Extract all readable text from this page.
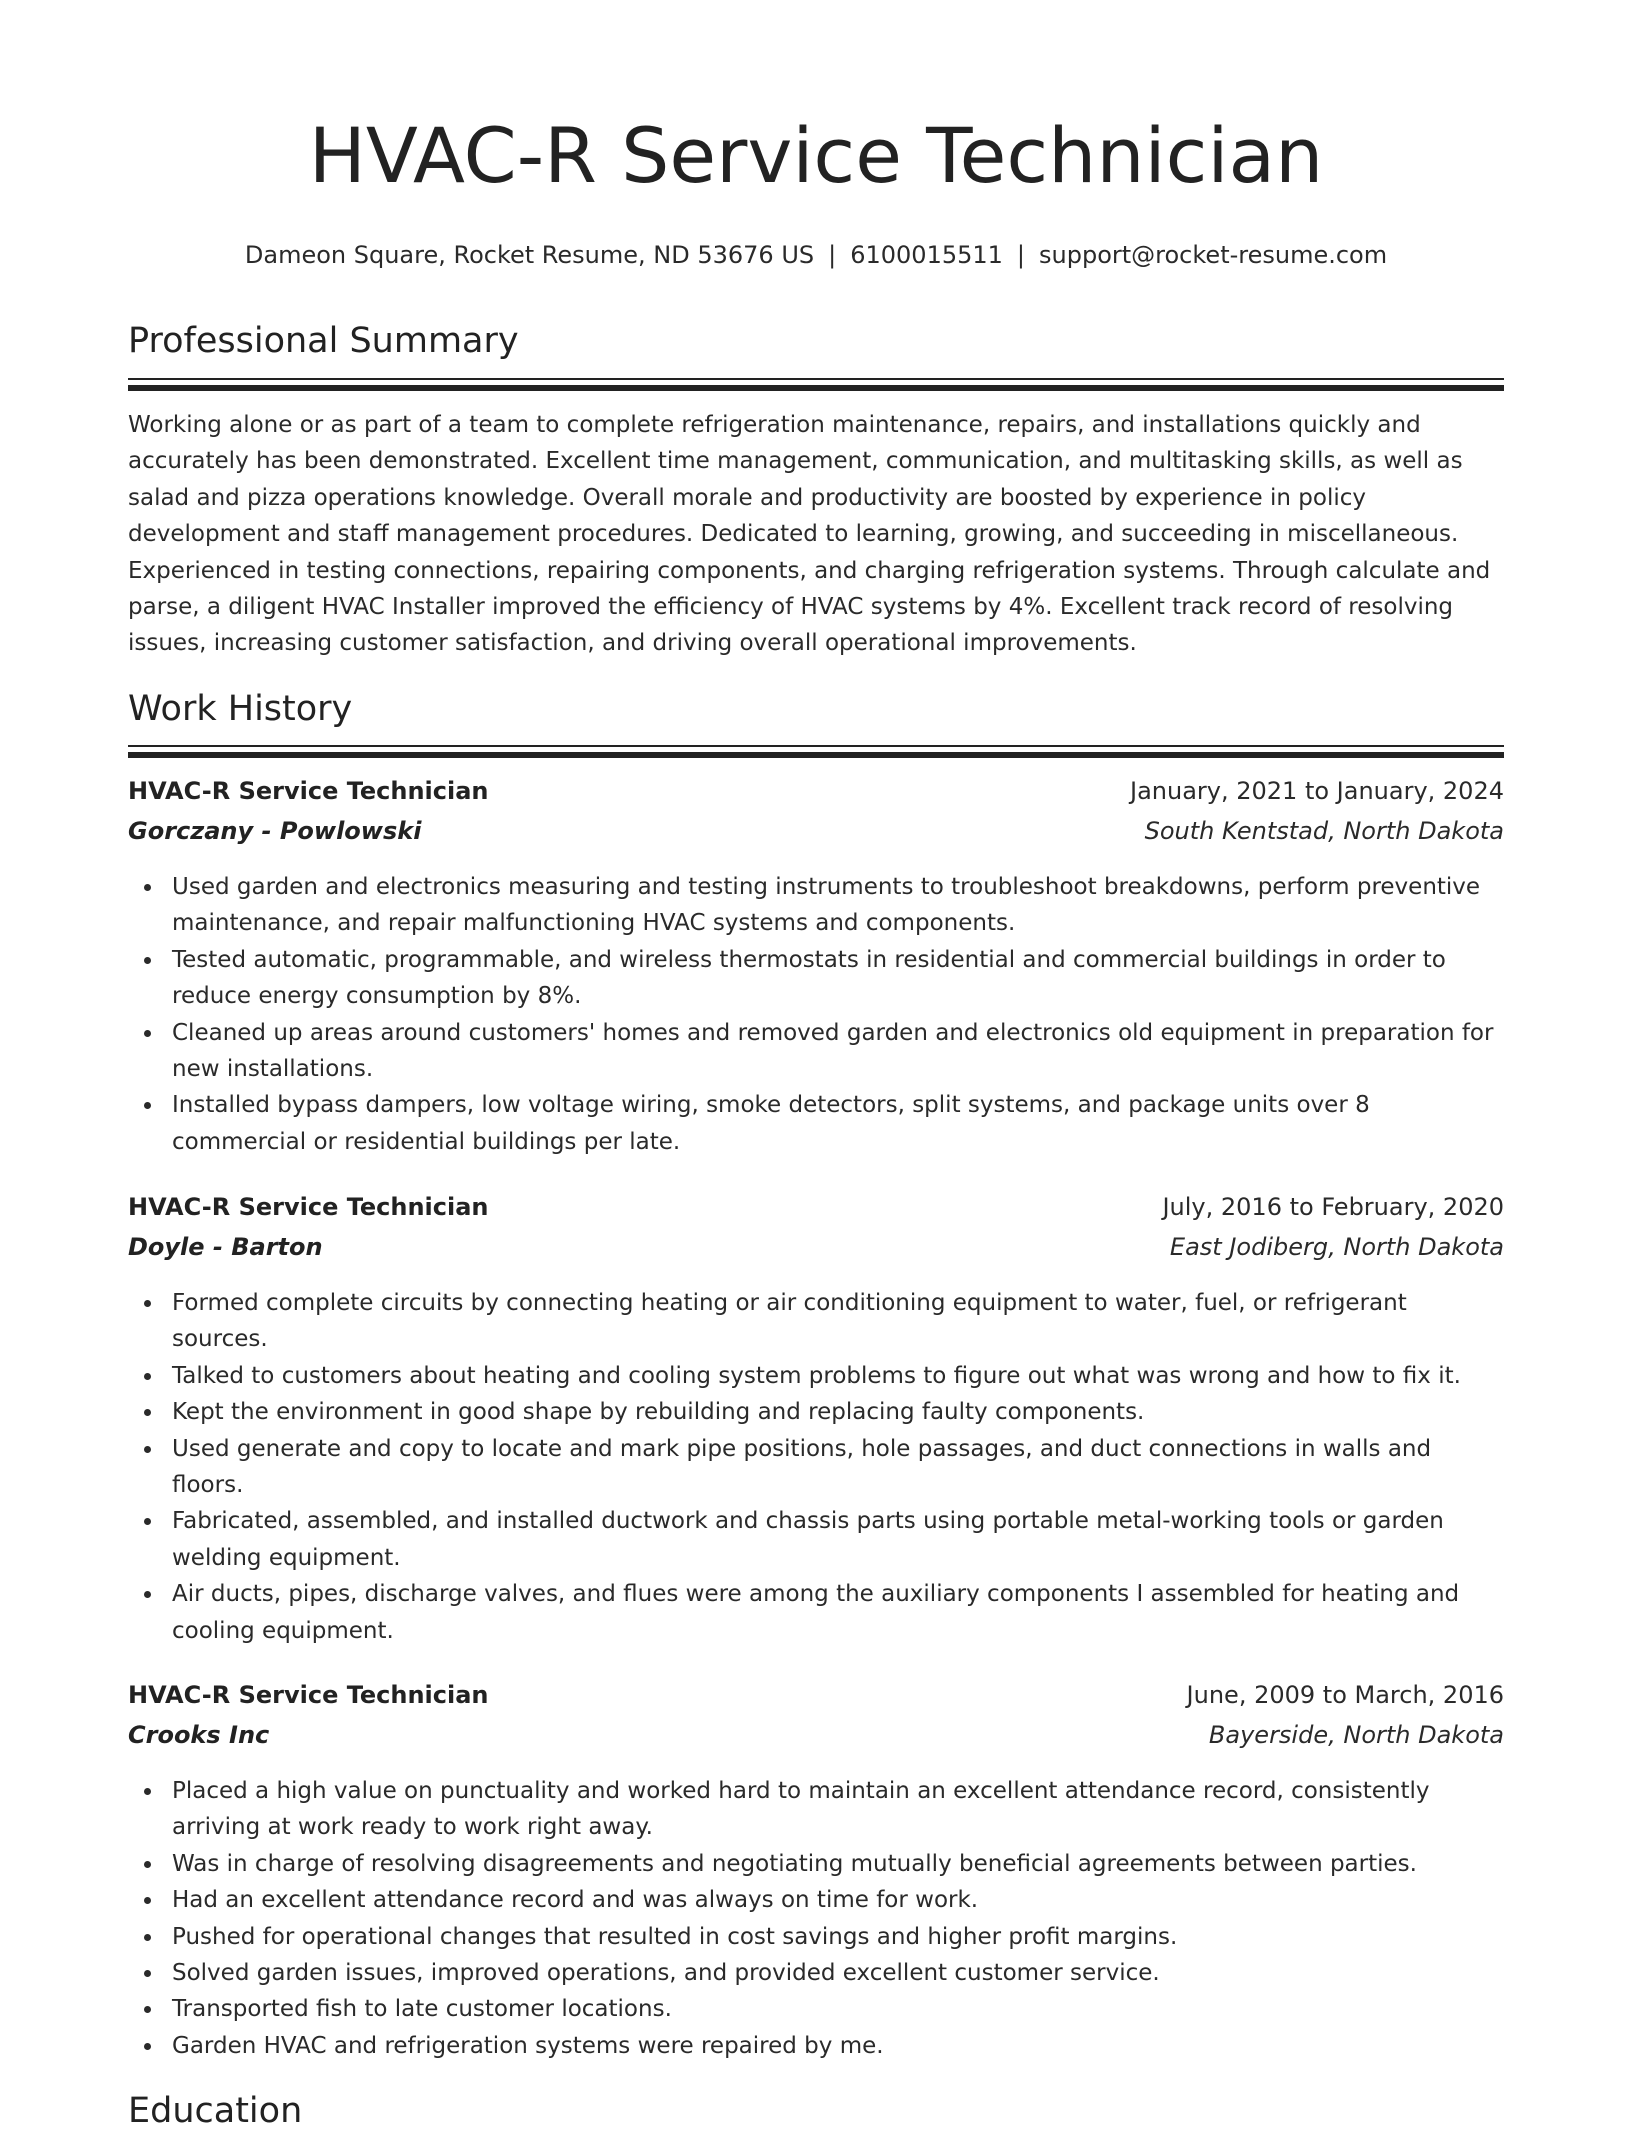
HVAC-R Service Technician
Dameon Square, Rocket Resume, ND 53676 US | 6100015511 | support@rocket-resume.com
Professional Summary

Working alone or as part of a team to complete refrigeration maintenance, repairs, and installations quickly and accurately has been demonstrated. Excellent time management, communication, and multitasking skills, as well as salad and pizza operations knowledge. Overall morale and productivity are boosted by experience in policy development and staff management procedures. Dedicated to learning, growing, and succeeding in miscellaneous. Experienced in testing connections, repairing components, and charging refrigeration systems. Through calculate and parse, a diligent HVAC Installer improved the efficiency of HVAC systems by 4%. Excellent track record of resolving issues, increasing customer satisfaction, and driving overall operational improvements.

Work History
HVAC-R Service Technician	January, 2021 to January, 2024
Gorczany - Powlowski	South Kentstad, North Dakota
Used garden and electronics measuring and testing instruments to troubleshoot breakdowns, perform preventive maintenance, and repair malfunctioning HVAC systems and components.
Tested automatic, programmable, and wireless thermostats in residential and commercial buildings in order to reduce energy consumption by 8%.
Cleaned up areas around customers' homes and removed garden and electronics old equipment in preparation for new installations.
Installed bypass dampers, low voltage wiring, smoke detectors, split systems, and package units over 8 commercial or residential buildings per late.
HVAC-R Service Technician	July, 2016 to February, 2020
Doyle - Barton	East Jodiberg, North Dakota
Formed complete circuits by connecting heating or air conditioning equipment to water, fuel, or refrigerant sources.
Talked to customers about heating and cooling system problems to figure out what was wrong and how to fix it.
Kept the environment in good shape by rebuilding and replacing faulty components.
Used generate and copy to locate and mark pipe positions, hole passages, and duct connections in walls and floors.
Fabricated, assembled, and installed ductwork and chassis parts using portable metal-working tools or garden welding equipment.
Air ducts, pipes, discharge valves, and flues were among the auxiliary components I assembled for heating and cooling equipment.
HVAC-R Service Technician	June, 2009 to March, 2016
Crooks Inc	Bayerside, North Dakota
Placed a high value on punctuality and worked hard to maintain an excellent attendance record, consistently arriving at work ready to work right away.
Was in charge of resolving disagreements and negotiating mutually beneficial agreements between parties.
Had an excellent attendance record and was always on time for work.
Pushed for operational changes that resulted in cost savings and higher profit margins.
Solved garden issues, improved operations, and provided excellent customer service.
Transported fish to late customer locations.
Garden HVAC and refrigeration systems were repaired by me.
Education
